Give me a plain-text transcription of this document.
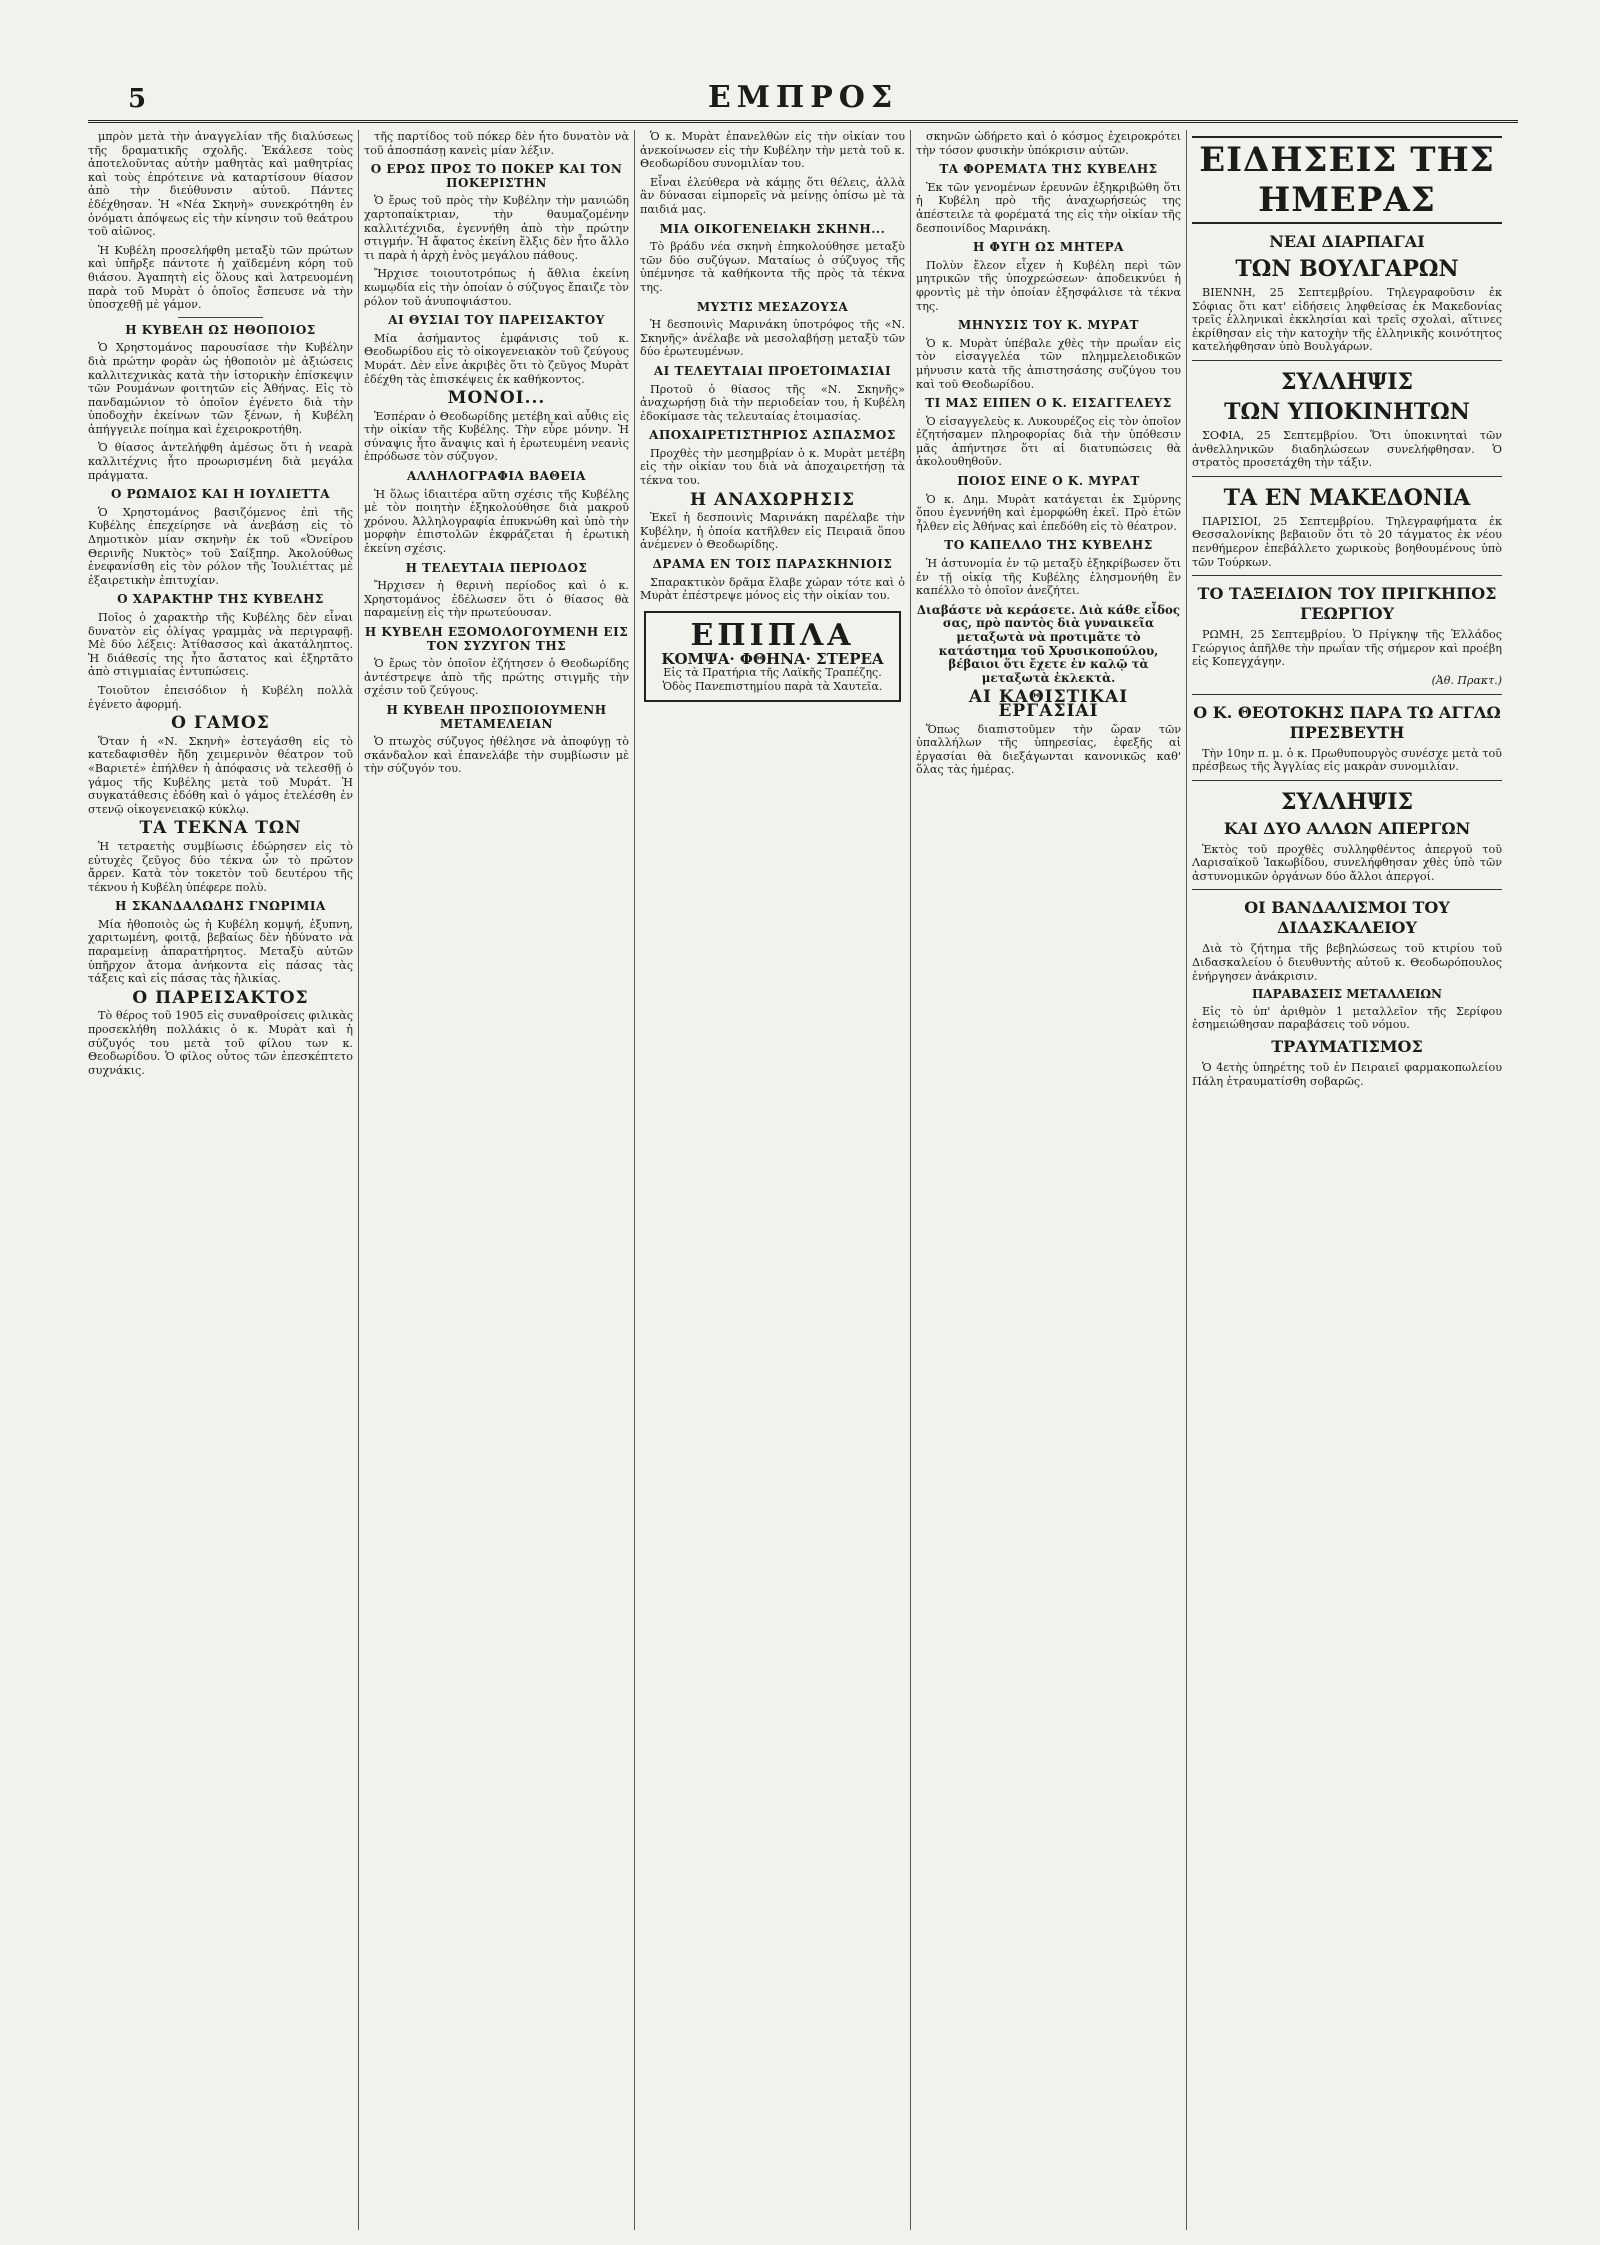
5	ΕΜΠΡΟΣ

μπρὸν μετὰ τὴν ἀναγγελίαν τῆς διαλύσεως τῆς δραματικῆς σχολῆς. Ἐκάλεσε τοὺς ἀποτελοῦντας αὐτὴν μαθητὰς καὶ μαθητρίας καὶ τοὺς ἐπρότεινε νὰ καταρτίσουν θίασον ἀπὸ τὴν διεύθυνσιν αὐτοῦ. Πάντες ἐδέχθησαν. Ἡ «Νέα Σκηνὴ» συνεκρότηθη ἐν ὀνόματι ἀπόψεως εἰς τὴν κίνησιν τοῦ θεάτρου τοῦ αἰῶνος.

Ἡ Κυβέλη προσελήφθη μεταξὺ τῶν πρώτων καὶ ὑπῆρξε πάντοτε ἡ χαϊδεμένη κόρη τοῦ θιάσου. Ἀγαπητὴ εἰς ὅλους καὶ λατρευομένη παρὰ τοῦ Μυρὰτ ὁ ὁποῖος ἔσπευσε νὰ τὴν ὑποσχεθῇ μὲ γάμον.

Η ΚΥΒΕΛΗ ΩΣ ΗΘΟΠΟΙΟΣ

Ὁ Χρηστομάνος παρουσίασε τὴν Κυβέλην διὰ πρώτην φορὰν ὡς ἡθοποιὸν μὲ ἀξιώσεις καλλιτεχνικὰς κατὰ τὴν ἱστορικὴν ἐπίσκεψιν τῶν Ρουμάνων φοιτητῶν εἰς Ἀθήνας. Εἰς τὸ πανδαμώνιον τὸ ὁποῖον ἐγένετο διὰ τὴν ὑποδοχὴν ἐκείνων τῶν ξένων, ἡ Κυβέλη ἀπήγγειλε ποίημα καὶ ἐχειροκροτήθη.

Ὁ θίασος ἀντελήφθη ἀμέσως ὅτι ἡ νεαρὰ καλλιτέχνις ἦτο προωρισμένη διὰ μεγάλα πράγματα.

Ο ΡΩΜΑΙΟΣ ΚΑΙ Η ΙΟΥΛΙΕΤΤΑ

Ὁ Χρηστομάνος βασιζόμενος ἐπὶ τῆς Κυβέλης ἐπεχείρησε νὰ ἀνεβάσῃ εἰς τὸ Δημοτικὸν μίαν σκηνὴν ἐκ τοῦ «Ὀνείρου Θερινῆς Νυκτὸς» τοῦ Σαίξπηρ. Ἀκολούθως ἐνεφανίσθη εἰς τὸν ρόλον τῆς Ἰουλιέττας μὲ ἐξαιρετικὴν ἐπιτυχίαν.

Ο ΧΑΡΑΚΤΗΡ ΤΗΣ ΚΥΒΕΛΗΣ

Ποῖος ὁ χαρακτὴρ τῆς Κυβέλης δὲν εἶναι δυνατὸν εἰς ὀλίγας γραμμὰς νὰ περιγραφῇ. Μὲ δύο λέξεις: Ἀτίθασσος καὶ ἀκατάληπτος. Ἡ διάθεσίς της ἦτο ἄστατος καὶ ἐξηρτᾶτο ἀπὸ στιγμιαίας ἐντυπώσεις.

Τοιοῦτον ἐπεισόδιον ἡ Κυβέλη πολλὰ ἐγένετο ἀφορμή.

Ο ΓΑΜΟΣ

Ὅταν ἡ «Ν. Σκηνὴ» ἐστεγάσθη εἰς τὸ κατεδαφισθὲν ἤδη χειμερινὸν θέατρον τοῦ «Βαριετέ» ἐπήλθεν ἡ ἀπόφασις νὰ τελεσθῇ ὁ γάμος τῆς Κυβέλης μετὰ τοῦ Μυράτ. Ἡ συγκατάθεσις ἐδόθη καὶ ὁ γάμος ἐτελέσθη ἐν στενῷ οἰκογενειακῷ κύκλῳ.

ΤΑ ΤΕΚΝΑ ΤΩΝ

Ἡ τετραετὴς συμβίωσις ἐδώρησεν εἰς τὸ εὐτυχὲς ζεῦγος δύο τέκνα ὧν τὸ πρῶτον ἄρρεν. Κατὰ τὸν τοκετὸν τοῦ δευτέρου τῆς τέκνου ἡ Κυβέλη ὑπέφερε πολὺ.

Η ΣΚΑΝΔΑΛΩΔΗΣ ΓΝΩΡΙΜΙΑ

Μία ἡθοποιὸς ὡς ἡ Κυβέλη κομψή, ἐξυπνη, χαριτωμένη, φοιτᾷ, βεβαίως δὲν ἠδύνατο νὰ παραμείνῃ ἀπαρατήρητος. Μεταξὺ αὐτῶν ὑπῆρχον ἄτομα ἀνήκοντα εἰς πάσας τὰς τάξεις καὶ εἰς πάσας τὰς ἡλικίας.

Ο ΠΑΡΕΙΣΑΚΤΟΣ

Τὸ θέρος τοῦ 1905 εἰς συναθροίσεις φιλικὰς προσεκλήθη πολλάκις ὁ κ. Μυρὰτ καὶ ἡ σύζυγός του μετὰ τοῦ φίλου των κ. Θεοδωρίδου. Ὁ φίλος οὗτος τῶν ἐπεσκέπτετο συχνάκις.

τῆς παρτίδος τοῦ πόκερ δὲν ἦτο δυνατὸν νὰ τοῦ ἀποσπάσῃ κανεὶς μίαν λέξιν.

Ο ΕΡΩΣ ΠΡΟΣ ΤΟ ΠΟΚΕΡ ΚΑΙ ΤΟΝ ΠΟΚΕΡΙΣΤΗΝ

Ὁ ἔρως τοῦ πρὸς τὴν Κυβέλην τὴν μανιώδη χαρτοπαίκτριαν, τὴν θαυμαζομένην καλλιτέχνιδα, ἐγεννήθη ἀπὸ τὴν πρώτην στιγμήν. Ἡ ἄφατος ἐκείνη ἕλξις δὲν ἦτο ἄλλο τι παρὰ ἡ ἀρχὴ ἑνὸς μεγάλου πάθους.

Ἤρχισε τοιουτοτρόπως ἡ ἄθλια ἐκείνη κωμῳδία εἰς τὴν ὁποίαν ὁ σύζυγος ἔπαιζε τὸν ρόλον τοῦ ἀνυποψιάστου.

ΑΙ ΘΥΣΙΑΙ ΤΟΥ ΠΑΡΕΙΣΑΚΤΟΥ

Μία ἀσήμαντος ἐμφάνισις τοῦ κ. Θεοδωρίδου εἰς τὸ οἰκογενειακὸν τοῦ ζεύγους Μυράτ. Δὲν εἶνε ἀκριβὲς ὅτι τὸ ζεῦγος Μυρὰτ ἐδέχθη τὰς ἐπισκέψεις ἐκ καθήκοντος.

ΜΟΝΟΙ...

Ἐσπέραν ὁ Θεοδωρίδης μετέβη καὶ αὖθις εἰς τὴν οἰκίαν τῆς Κυβέλης. Τὴν εὗρε μόνην. Ἡ σύναψις ἦτο ἄναψις καὶ ἡ ἐρωτευμένη νεανὶς ἐπρόδωσε τὸν σύζυγον.

ΑΛΛΗΛΟΓΡΑΦΙΑ ΒΑΘΕΙΑ

Ἡ ὅλως ἰδιαιτέρα αὕτη σχέσις τῆς Κυβέλης μὲ τὸν ποιητὴν ἐξηκολούθησε διὰ μακροῦ χρόνου. Ἀλληλογραφία ἐπυκνώθη καὶ ὑπὸ τὴν μορφὴν ἐπιστολῶν ἐκφράζεται ἡ ἐρωτικὴ ἐκείνη σχέσις.

Η ΤΕΛΕΥΤΑΙΑ ΠΕΡΙΟΔΟΣ

Ἤρχισεν ἡ θερινὴ περίοδος καὶ ὁ κ. Χρηστομάνος ἐδέλωσεν ὅτι ὁ θίασος θὰ παραμείνῃ εἰς τὴν πρωτεύουσαν.

Η ΚΥΒΕΛΗ ΕΞΟΜΟΛΟΓΟΥΜΕΝΗ ΕΙΣ ΤΟΝ ΣΥΖΥΓΟΝ ΤΗΣ

Ὁ ἔρως τὸν ὁποῖον ἐζήτησεν ὁ Θεοδωρίδης ἀντέστρεψε ἀπὸ τῆς πρώτης στιγμῆς τὴν σχέσιν τοῦ ζεύγους.

Η ΚΥΒΕΛΗ ΠΡΟΣΠΟΙΟΥΜΕΝΗ ΜΕΤΑΜΕΛΕΙΑΝ

Ὁ πτωχὸς σύζυγος ἠθέλησε νὰ ἀποφύγῃ τὸ σκάνδαλον καὶ ἐπανελάβε τὴν συμβίωσιν μὲ τὴν σύζυγόν του.

Ὁ κ. Μυρὰτ ἐπανελθὼν εἰς τὴν οἰκίαν του ἀνεκοίνωσεν εἰς τὴν Κυβέλην τὴν μετὰ τοῦ κ. Θεοδωρίδου συνομιλίαν του.

Εἶναι ἐλεύθερα νὰ κάμῃς ὅτι θέλεις, ἀλλὰ ἂν δύνασαι εἰμπορεῖς νὰ μείνῃς ὁπίσω μὲ τὰ παιδιά μας.

ΜΙΑ ΟΙΚΟΓΕΝΕΙΑΚΗ ΣΚΗΝΗ...

Τὸ βράδυ νέα σκηνὴ ἐπηκολούθησε μεταξὺ τῶν δύο συζύγων. Ματαίως ὁ σύζυγος τῆς ὑπέμνησε τὰ καθήκοντα τῆς πρὸς τὰ τέκνα της.

ΜΥΣΤΙΣ ΜΕΣΑΖΟΥΣΑ

Ἡ δεσποινὶς Μαρινάκη ὑποτρόφος τῆς «Ν. Σκηνῆς» ἀνέλαβε νὰ μεσολαβήσῃ μεταξὺ τῶν δύο ἐρωτευμένων.

ΑΙ ΤΕΛΕΥΤΑΙΑΙ ΠΡΟΕΤΟΙΜΑΣΙΑΙ

Προτοῦ ὁ θίασος τῆς «Ν. Σκηνῆς» ἀναχωρήσῃ διὰ τὴν περιοδείαν του, ἡ Κυβέλη ἐδοκίμασε τὰς τελευταίας ἑτοιμασίας.

ΑΠΟΧΑΙΡΕΤΙΣΤΗΡΙΟΣ ΑΣΠΑΣΜΟΣ

Προχθὲς τὴν μεσημβρίαν ὁ κ. Μυρὰτ μετέβη εἰς τὴν οἰκίαν του διὰ νὰ ἀποχαιρετήσῃ τὰ τέκνα του.

Η ΑΝΑΧΩΡΗΣΙΣ

Ἐκεῖ ἡ δεσποινὶς Μαρινάκη παρέλαβε τὴν Κυβέλην, ἡ ὁποία κατῆλθεν εἰς Πειραιᾶ ὅπου ἀνέμενεν ὁ Θεοδωρίδης.

ΔΡΑΜΑ ΕΝ ΤΟΙΣ ΠΑΡΑΣΚΗΝΙΟΙΣ

Σπαρακτικὸν δρᾶμα ἔλαβε χώραν τότε καὶ ὁ Μυρὰτ ἐπέστρεψε μόνος εἰς τὴν οἰκίαν του.

ΕΠΙΠΛΑ
ΚΟΜΨΑ· ΦΘΗΝΑ· ΣΤΕΡΕΑ
Εἰς τὰ Πρατήρια τῆς Λαϊκῆς Τραπέζης.
Ὁδὸς Πανεπιστημίου παρὰ τὰ Χαυτεῖα.

σκηνῶν ὠδήρετο καὶ ὁ κόσμος ἐχειροκρότει τὴν τόσον φυσικὴν ὑπόκρισιν αὐτῶν.

ΤΑ ΦΟΡΕΜΑΤΑ ΤΗΣ ΚΥΒΕΛΗΣ

Ἐκ τῶν γενομένων ἐρευνῶν ἐξηκριβώθη ὅτι ἡ Κυβέλη πρὸ τῆς ἀναχωρήσεώς της ἀπέστειλε τὰ φορέματά της εἰς τὴν οἰκίαν τῆς δεσποινίδος Μαρινάκη.

Η ΦΥΓΗ ΩΣ ΜΗΤΕΡΑ

Πολὺν ἔλεον εἶχεν ἡ Κυβέλη περὶ τῶν μητρικῶν τῆς ὑποχρεώσεων· ἀποδεικνύει ἡ φροντὶς μὲ τὴν ὁποίαν ἐξησφάλισε τὰ τέκνα της.

ΜΗΝΥΣΙΣ ΤΟΥ Κ. ΜΥΡΑΤ

Ὁ κ. Μυρὰτ ὑπέβαλε χθὲς τὴν πρωΐαν εἰς τὸν εἰσαγγελέα τῶν πλημμελειοδικῶν μήνυσιν κατὰ τῆς ἀπιστησάσης συζύγου του καὶ τοῦ Θεοδωρίδου.

ΤΙ ΜΑΣ ΕΙΠΕΝ Ο Κ. ΕΙΣΑΓΓΕΛΕΥΣ

Ὁ εἰσαγγελεὺς κ. Λυκουρέζος εἰς τὸν ὁποῖον ἐζητήσαμεν πληροφορίας διὰ τὴν ὑπόθεσιν μᾶς ἀπήντησε ὅτι αἱ διατυπώσεις θὰ ἀκολουθηθοῦν.

ΠΟΙΟΣ ΕΙΝΕ Ο Κ. ΜΥΡΑΤ

Ὁ κ. Δημ. Μυρὰτ κατάγεται ἐκ Σμύρνης ὅπου ἐγεννήθη καὶ ἐμορφώθη ἐκεῖ. Πρὸ ἐτῶν ἦλθεν εἰς Ἀθήνας καὶ ἐπεδόθη εἰς τὸ θέατρον.

ΤΟ ΚΑΠΕΛΛΟ ΤΗΣ ΚΥΒΕΛΗΣ

Ἡ ἀστυνομία ἐν τῷ μεταξὺ ἐξηκρίβωσεν ὅτι ἐν τῇ οἰκίᾳ τῆς Κυβέλης ἐλησμονήθη ἓν καπέλλο τὸ ὁποῖον ἀνεζήτει.

Διαβάστε νὰ κεράσετε. Διὰ κάθε εἶδος σας, πρὸ παντὸς διὰ γυναικεῖα μεταξωτὰ νὰ προτιμᾶτε τὸ κατάστημα τοῦ Χρυσικοπούλου, βέβαιοι ὅτι ἔχετε ἐν καλῷ τὰ μεταξωτὰ ἐκλεκτὰ.
ΑΙ ΚΑΘΙΣΤΙΚΑΙ ΕΡΓΑΣΙΑΙ

Ὅπως διαπιστοῦμεν τὴν ὥραν τῶν ὑπαλλήλων τῆς ὑπηρεσίας, ἐφεξῆς αἱ ἐργασίαι θὰ διεξάγωνται κανονικῶς καθ' ὅλας τὰς ἡμέρας.

ΕΙΔΗΣΕΙΣ ΤΗΣ ΗΜΕΡΑΣ
ΝΕΑΙ ΔΙΑΡΠΑΓΑΙ
ΤΩΝ ΒΟΥΛΓΑΡΩΝ

ΒΙΕΝΝΗ, 25 Σεπτεμβρίου. Τηλεγραφοῦσιν ἐκ Σόφιας ὅτι κατ' εἰδήσεις ληφθείσας ἐκ Μακεδονίας τρεῖς ἑλληνικαὶ ἐκκλησίαι καὶ τρεῖς σχολαὶ, αἵτινες ἐκρίθησαν εἰς τὴν κατοχὴν τῆς ἑλληνικῆς κοινότητος κατελήφθησαν ὑπὸ Βουλγάρων.

ΣΥΛΛΗΨΙΣ
ΤΩΝ ΥΠΟΚΙΝΗΤΩΝ

ΣΟΦΙΑ, 25 Σεπτεμβρίου. Ὅτι ὑποκινηταὶ τῶν ἀνθελληνικῶν διαδηλώσεων συνελήφθησαν. Ὁ στρατὸς προσετάχθη τὴν τάξιν.

ΤΑ ΕΝ ΜΑΚΕΔΟΝΙΑ

ΠΑΡΙΣΙΟΙ, 25 Σεπτεμβρίου. Τηλεγραφήματα ἐκ Θεσσαλονίκης βεβαιοῦν ὅτι τὸ 20 τάγματος ἐκ νέου πενθήμερον ἐπεβάλλετο χωρικοὺς βοηθουμένους ὑπὸ τῶν Τούρκων.

ΤΟ ΤΑΞΕΙΔΙΟΝ ΤΟΥ ΠΡΙΓΚΗΠΟΣ ΓΕΩΡΓΙΟΥ

ΡΩΜΗ, 25 Σεπτεμβρίου. Ὁ Πρίγκηψ τῆς Ἑλλάδος Γεώργιος ἀπῆλθε τὴν πρωΐαν τῆς σήμερον καὶ προέβη εἰς Κοπεγχάγην.

(Ἀθ. Πρακτ.)
Ο Κ. ΘΕΟΤΟΚΗΣ ΠΑΡΑ ΤΩ ΑΓΓΛΩ ΠΡΕΣΒΕΥΤΗ

Τὴν 10ην π. μ. ὁ κ. Πρωθυπουργὸς συνέσχε μετὰ τοῦ πρέσβεως τῆς Ἀγγλίας εἰς μακρὰν συνομιλίαν.

ΣΥΛΛΗΨΙΣ
ΚΑΙ ΔΥΟ ΑΛΛΩΝ ΑΠΕΡΓΩΝ

Ἐκτὸς τοῦ προχθὲς συλληφθέντος ἀπεργοῦ τοῦ Λαρισαϊκοῦ Ἰακωβίδου, συνελήφθησαν χθὲς ὑπὸ τῶν ἀστυνομικῶν ὀργάνων δύο ἄλλοι ἀπεργοί.

ΟΙ ΒΑΝΔΑΛΙΣΜΟΙ ΤΟΥ ΔΙΔΑΣΚΑΛΕΙΟΥ

Διὰ τὸ ζήτημα τῆς βεβηλώσεως τοῦ κτιρίου τοῦ Διδασκαλείου ὁ διευθυντὴς αὐτοῦ κ. Θεοδωρόπουλος ἐνήργησεν ἀνάκρισιν.

ΠΑΡΑΒΑΣΕΙΣ ΜΕΤΑΛΛΕΙΩΝ

Εἰς τὸ ὑπ' ἀριθμὸν 1 μεταλλεῖον τῆς Σερίφου ἐσημειώθησαν παραβάσεις τοῦ νόμου.

ΤΡΑΥΜΑΤΙΣΜΟΣ

Ὁ 4ετὴς ὑπηρέτης τοῦ ἐν Πειραιεῖ φαρμακοπωλείου Πάλη ἐτραυματίσθη σοβαρῶς.
